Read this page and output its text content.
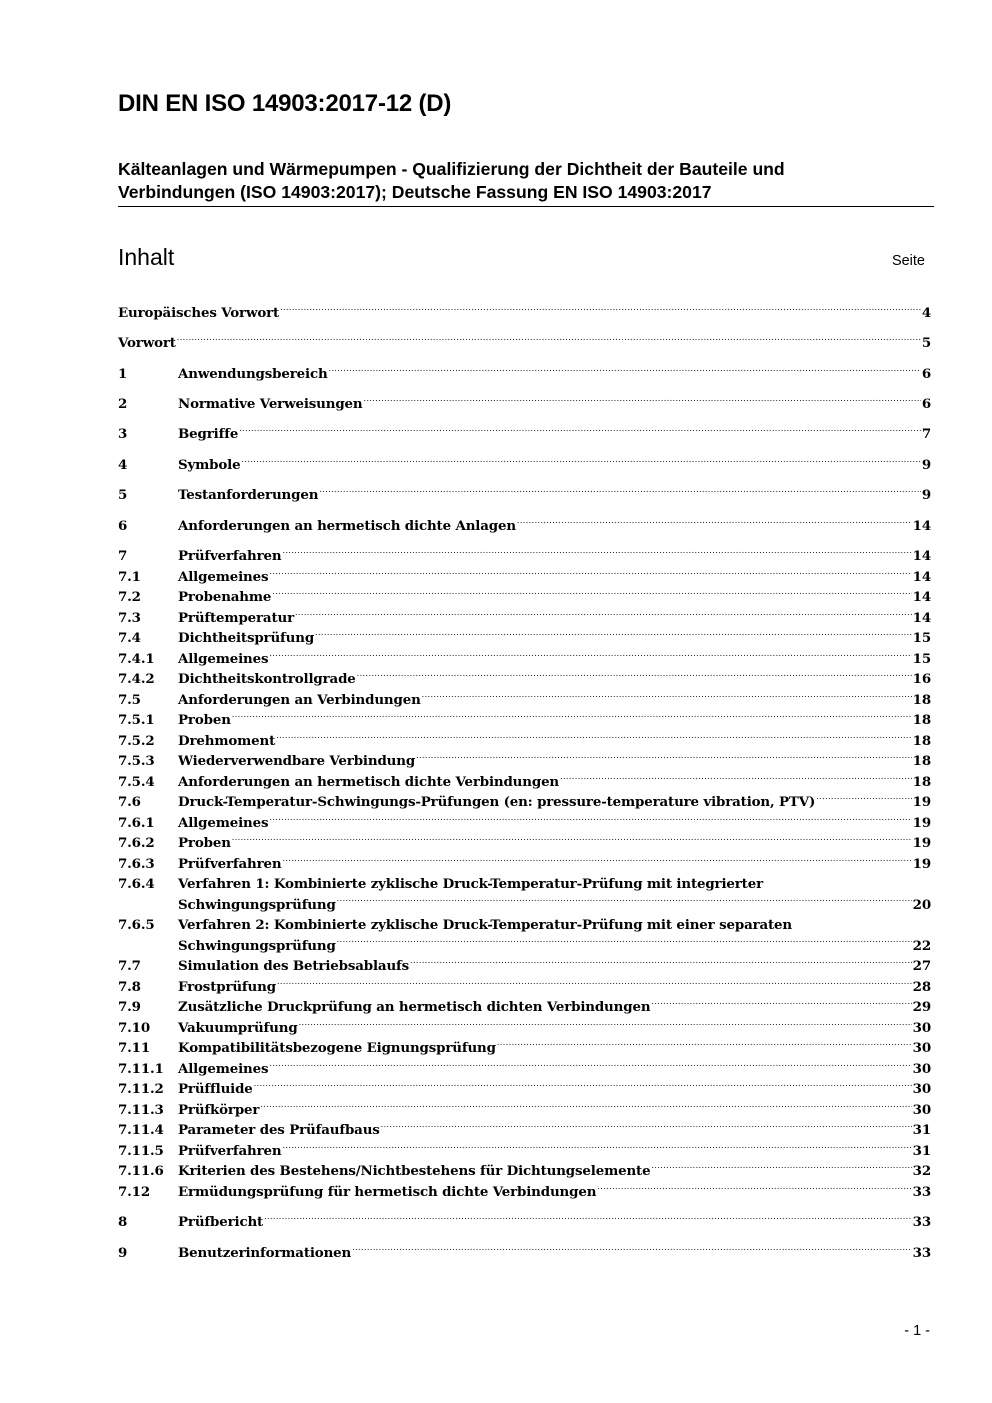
DIN EN ISO 14903:2017-12 (D)
Kälteanlagen und Wärmepumpen - Qualifizierung der Dichtheit der Bauteile und
Verbindungen (ISO 14903:2017); Deutsche Fassung EN ISO 14903:2017
Inhalt	Seite
Europäisches Vorwort .....	4
Vorwort .....	5
1	Anwendungsbereich .....	6
2	Normative Verweisungen .....	6
3	Begriffe .....	7
4	Symbole .....	9
5	Testanforderungen .....	9
6	Anforderungen an hermetisch dichte Anlagen .....	14
7	Prüfverfahren .....	14
7.1	Allgemeines .....	14
7.2	Probenahme .....	14
7.3	Prüftemperatur .....	14
7.4	Dichtheitsprüfung .....	15
7.4.1	Allgemeines .....	15
7.4.2	Dichtheitskontrollgrade .....	16
7.5	Anforderungen an Verbindungen .....	18
7.5.1	Proben .....	18
7.5.2	Drehmoment .....	18
7.5.3	Wiederverwendbare Verbindung .....	18
7.5.4	Anforderungen an hermetisch dichte Verbindungen .....	18
7.6	Druck-Temperatur-Schwingungs-Prüfungen (en: pressure-temperature vibration, PTV) .....	19
7.6.1	Allgemeines .....	19
7.6.2	Proben .....	19
7.6.3	Prüfverfahren .....	19
7.6.4	Verfahren 1: Kombinierte zyklische Druck-Temperatur-Prüfung mit integrierter
Schwingungsprüfung .....	20
7.6.5	Verfahren 2: Kombinierte zyklische Druck-Temperatur-Prüfung mit einer separaten
Schwingungsprüfung .....	22
7.7	Simulation des Betriebsablaufs .....	27
7.8	Frostprüfung .....	28
7.9	Zusätzliche Druckprüfung an hermetisch dichten Verbindungen .....	29
7.10	Vakuumprüfung .....	30
7.11	Kompatibilitätsbezogene Eignungsprüfung .....	30
7.11.1	Allgemeines .....	30
7.11.2	Prüffluide .....	30
7.11.3	Prüfkörper .....	30
7.11.4	Parameter des Prüfaufbaus .....	31
7.11.5	Prüfverfahren .....	31
7.11.6	Kriterien des Bestehens/Nichtbestehens für Dichtungselemente .....	32
7.12	Ermüdungsprüfung für hermetisch dichte Verbindungen .....	33
8	Prüfbericht .....	33
9	Benutzerinformationen .....	33
- 1 -
